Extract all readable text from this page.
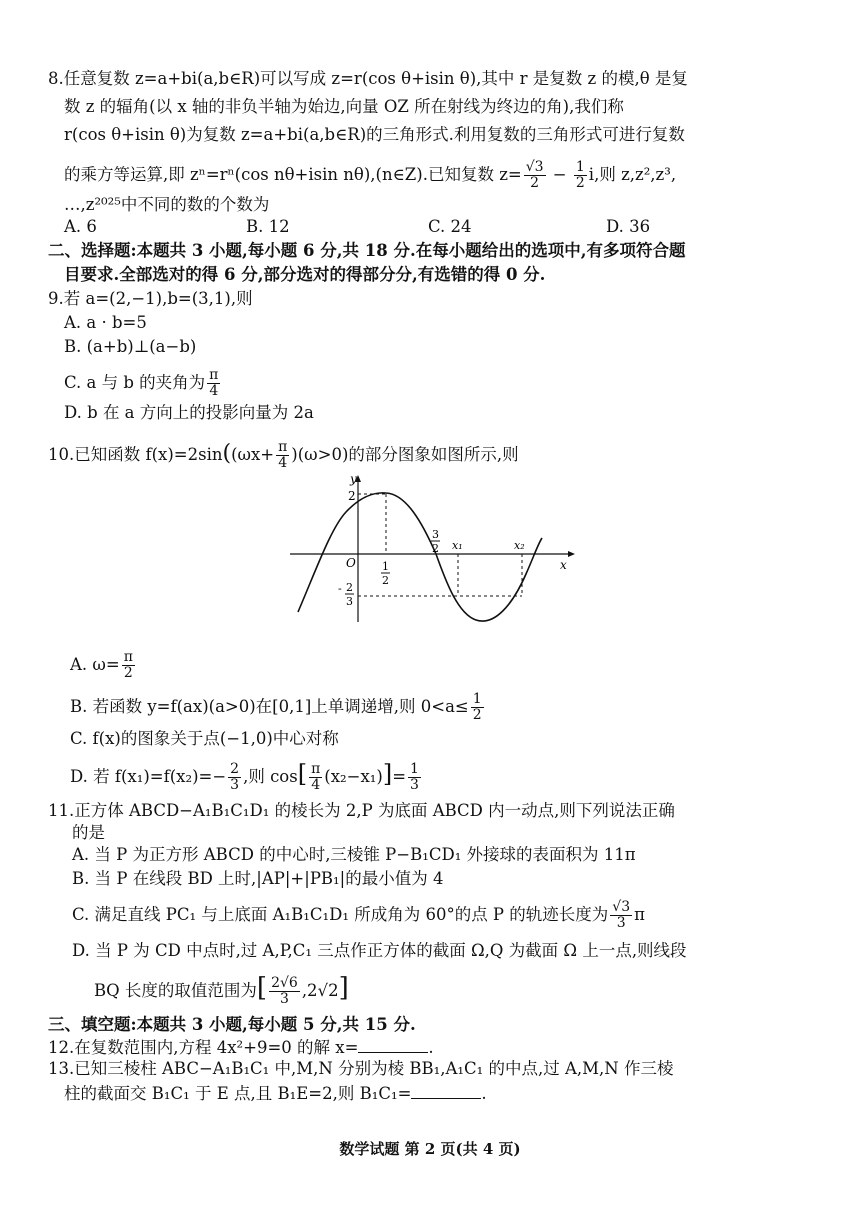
8.任意复数 z=a+bi(a,b∈R)可以写成 z=r(cos θ+isin θ),其中 r 是复数 z 的模,θ 是复
数 z 的辐角(以 x 轴的非负半轴为始边,向量 OZ 所在射线为终边的角),我们称
r(cos θ+isin θ)为复数 z=a+bi(a,b∈R)的三角形式.利用复数的三角形式可进行复数
的乘方等运算,即 zⁿ=rⁿ(cos nθ+isin nθ),(n∈Z).已知复数 $z= \frac{√3}{2} - \frac{1}{2} i$,则 z,z²,z³,
…,z²⁰²⁵中不同的数的个数为
A. 6	B. 12	C. 24	D. 36
二、选择题:本题共 3 小题,每小题 6 分,共 18 分.在每小题给出的选项中,有多项符合题
目要求.全部选对的得 6 分,部分选对的得部分分,有选错的得 0 分.
9.若 a=(2,−1),b=(3,1),则
A. a · b=5
B. (a+b)⊥(a−b)
C. a 与 b 的夹角为 $\frac{\pi}{4}$
D. b 在 a 方向上的投影向量为 2a
10.已知函数 $f(x)=2\sin((\omega x+ \frac{\pi}{4} )(\omega>0)$的部分图象如图所示,则
y
x
O
2
1
2
3
2 x₁	x₂
- 2
3
A. $\omega= \frac{\pi}{2}$
B. 若函数 y=f(ax)(a>0)在[0,1]上单调递增,则 $0<a\le \frac{1}{2}$
C. f(x)的图象关于点(−1,0)中心对称
D. 若 $f(x_1)=f(x_2)=- \frac{2}{3}$ ,则 $\cos[ \frac{\pi}{4} (x_2-x_1)]= \frac{1}{3}$
11.正方体 ABCD−A₁B₁C₁D₁ 的棱长为 2,P 为底面 ABCD 内一动点,则下列说法正确
的是
A. 当 P 为正方形 ABCD 的中心时,三棱锥 P−B₁CD₁ 外接球的表面积为 11π
B. 当 P 在线段 BD 上时,|AP|+|PB₁|的最小值为 4
C. 满足直线 PC₁ 与上底面 A₁B₁C₁D₁ 所成角为 60°的点 P 的轨迹长度为 $\frac{√3}{3}$ π
D. 当 P 为 CD 中点时,过 A,P,C₁ 三点作正方体的截面 Ω,Q 为截面 Ω 上一点,则线段
BQ 长度的取值范围为[ $\frac{2√6}{3} ,2√2$]
三、填空题:本题共 3 小题,每小题 5 分,共 15 分.
12.在复数范围内,方程 4x²+9=0 的解 x=	.
13.已知三棱柱 ABC−A₁B₁C₁ 中,M,N 分别为棱 BB₁,A₁C₁ 的中点,过 A,M,N 作三棱
柱的截面交 B₁C₁ 于 E 点,且 B₁E=2,则 B₁C₁=	.
数学试题 第 2 页(共 4 页)
